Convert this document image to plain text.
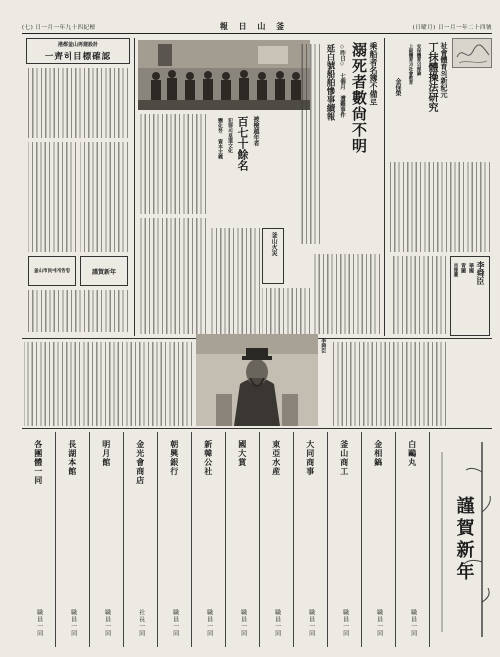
(七) 日一月一年九十四紀檀	報 日 山 釜	(日曜月) 日一月一年二十四號
港都釜山再建設計
一齊히目標確認
釜山市民에게告함	謹賀新年
被檢越年者
百七十餘名
犯罪의皇道文化
變化한 資本主義
釜山火災
乘船者名簿不備로
溺死者數尙不明
◇昨日◇ 七個月 遭難事件
延白號船舶慘事續報	祉會體育의新紀元
丁抹體操法研究
安保體育의理論
上級體育과社會教育
金保榮
李舜臣
華國
青圖
肖像畫
李舜臣
白鷗丸
職員一同
金相鎬
職員一同
釜山商工
職員一同
大同商事
職員一同
東亞水産
職員一同
國大賞
職員一同
新韓公社
職員一同
朝興銀行
職員一同
金光會商店
社長一同
明月館
職員一同
長湖本館
職員一同
各團體一同
職員一同
謹賀新年
